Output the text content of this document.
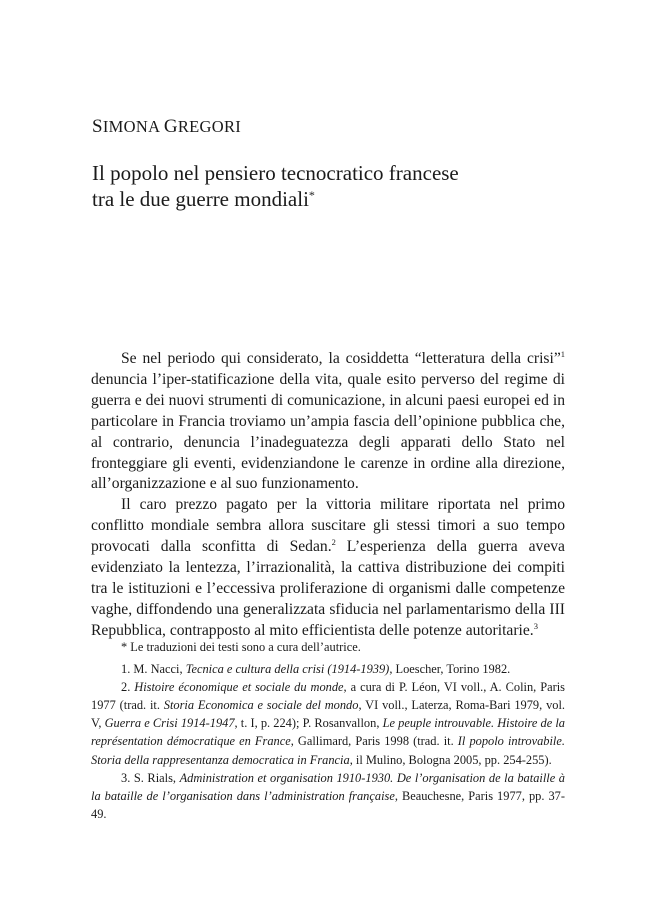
SIMONA GREGORI
Il popolo nel pensiero tecnocratico francese
tra le due guerre mondiali*

Se nel periodo qui considerato, la cosiddetta “letteratura della crisi”$^1$ denuncia l’iper-statificazione della vita, quale esito perverso del regime di guerra e dei nuovi strumenti di comunicazione, in alcuni paesi europei ed in particolare in Francia troviamo un’ampia fascia dell’opinione pubblica che, al contrario, denuncia l’inadeguatezza degli apparati dello Stato nel fronteggiare gli eventi, evidenziandone le carenze in ordine alla direzione, all’organizzazione e al suo funzionamento.

Il caro prezzo pagato per la vittoria militare riportata nel primo conflitto mondiale sembra allora suscitare gli stessi timori a suo tempo provocati dalla sconfitta di Sedan.$^2$ L’esperienza della guerra aveva evidenziato la lentezza, l’irrazionalità, la cattiva distribuzione dei compiti tra le istituzioni e l’eccessiva proliferazione di organismi dalle competenze vaghe, diffondendo una generalizzata sfiducia nel parlamentarismo della III Repubblica, contrapposto al mito efficientista delle potenze autoritarie.$^3$

* Le traduzioni dei testi sono a cura dell’autrice.

1. M. Nacci, Tecnica e cultura della crisi (1914-1939), Loescher, Torino 1982.

2. Histoire économique et sociale du monde, a cura di P. Léon, VI voll., A. Colin, Paris 1977 (trad. it. Storia Economica e sociale del mondo, VI voll., Laterza, Roma-Bari 1979, vol. V, Guerra e Crisi 1914-1947, t. I, p. 224); P. Rosanvallon, Le peuple introuvable. Histoire de la représentation démocratique en France, Gallimard, Paris 1998 (trad. it. Il popolo introvabile. Storia della rappresentanza democratica in Francia, il Mulino, Bologna 2005, pp. 254-255).

3. S. Rials, Administration et organisation 1910-1930. De l’organisation de la bataille à la bataille de l’organisation dans l’administration française, Beauchesne, Paris 1977, pp. 37-49.
